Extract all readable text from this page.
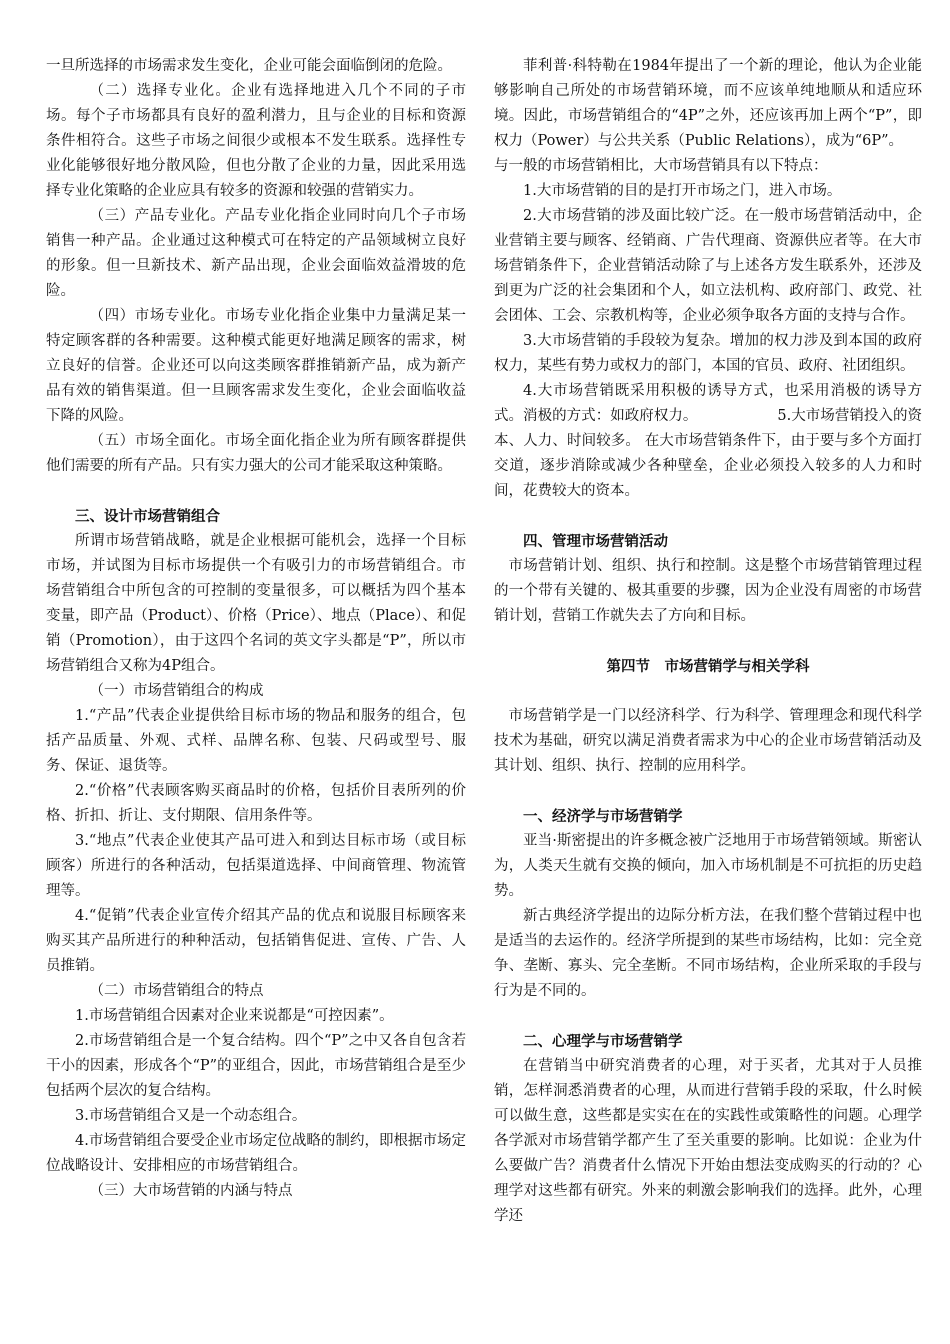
一旦所选择的市场需求发生变化，企业可能会面临倒闭的危险。

（二）选择专业化。企业有选择地进入几个不同的子市场。每个子市场都具有良好的盈利潜力，且与企业的目标和资源条件相符合。这些子市场之间很少或根本不发生联系。选择性专业化能够很好地分散风险，但也分散了企业的力量，因此采用选择专业化策略的企业应具有较多的资源和较强的营销实力。

（三）产品专业化。产品专业化指企业同时向几个子市场销售一种产品。企业通过这种模式可在特定的产品领域树立良好的形象。但一旦新技术、新产品出现，企业会面临效益滑坡的危险。

（四）市场专业化。市场专业化指企业集中力量满足某一特定顾客群的各种需要。这种模式能更好地满足顾客的需求，树立良好的信誉。企业还可以向这类顾客群推销新产品，成为新产品有效的销售渠道。但一旦顾客需求发生变化，企业会面临收益下降的风险。

（五）市场全面化。市场全面化指企业为所有顾客群提供他们需要的所有产品。只有实力强大的公司才能采取这种策略。

三、设计市场营销组合

所谓市场营销战略，就是企业根据可能机会，选择一个目标市场，并试图为目标市场提供一个有吸引力的市场营销组合。市场营销组合中所包含的可控制的变量很多，可以概括为四个基本变量，即产品（Product）、价格（Price）、地点（Place）、和促销（Promotion），由于这四个名词的英文字头都是“P”，所以市场营销组合又称为4P组合。

（一）市场营销组合的构成

1.“产品”代表企业提供给目标市场的物品和服务的组合，包括产品质量、外观、式样、品牌名称、包装、尺码或型号、服务、保证、退货等。

2.“价格”代表顾客购买商品时的价格，包括价目表所列的价格、折扣、折让、支付期限、信用条件等。

3.“地点”代表企业使其产品可进入和到达目标市场（或目标顾客）所进行的各种活动，包括渠道选择、中间商管理、物流管理等。

4.“促销”代表企业宣传介绍其产品的优点和说服目标顾客来购买其产品所进行的种种活动，包括销售促进、宣传、广告、人员推销。

（二）市场营销组合的特点

1.市场营销组合因素对企业来说都是“可控因素”。

2.市场营销组合是一个复合结构。四个“P”之中又各自包含若干小的因素，形成各个“P”的亚组合，因此，市场营销组合是至少包括两个层次的复合结构。

3.市场营销组合又是一个动态组合。

4.市场营销组合要受企业市场定位战略的制约，即根据市场定位战略设计、安排相应的市场营销组合。

（三）大市场营销的内涵与特点

菲利普·科特勒在1984年提出了一个新的理论，他认为企业能够影响自己所处的市场营销环境，而不应该单纯地顺从和适应环境。因此，市场营销组合的“4P”之外，还应该再加上两个“P”，即权力（Power）与公共关系（Public Relations），成为“6P”。

与一般的市场营销相比，大市场营销具有以下特点：

1.大市场营销的目的是打开市场之门，进入市场。

2.大市场营销的涉及面比较广泛。在一般市场营销活动中，企业营销主要与顾客、经销商、广告代理商、资源供应者等。在大市场营销条件下，企业营销活动除了与上述各方发生联系外，还涉及到更为广泛的社会集团和个人，如立法机构、政府部门、政党、社会团体、工会、宗教机构等，企业必须争取各方面的支持与合作。

3.大市场营销的手段较为复杂。增加的权力涉及到本国的政府权力，某些有势力或权力的部门，本国的官员、政府、社团组织。

4.大市场营销既采用积极的诱导方式，也采用消极的诱导方式。消极的方式：如政府权力。　　　　　　5.大市场营销投入的资本、人力、时间较多。 在大市场营销条件下，由于要与多个方面打交道，逐步消除或减少各种壁垒，企业必须投入较多的人力和时间，花费较大的资本。

四、管理市场营销活动

市场营销计划、组织、执行和控制。这是整个市场营销管理过程的一个带有关键的、极其重要的步骤，因为企业没有周密的市场营销计划，营销工作就失去了方向和目标。

第四节　市场营销学与相关学科

市场营销学是一门以经济科学、行为科学、管理理念和现代科学技术为基础，研究以满足消费者需求为中心的企业市场营销活动及其计划、组织、执行、控制的应用科学。

一、经济学与市场营销学

亚当·斯密提出的许多概念被广泛地用于市场营销领域。斯密认为，人类天生就有交换的倾向，加入市场机制是不可抗拒的历史趋势。

新古典经济学提出的边际分析方法，在我们整个营销过程中也是适当的去运作的。经济学所提到的某些市场结构，比如：完全竞争、垄断、寡头、完全垄断。不同市场结构，企业所采取的手段与行为是不同的。

二、心理学与市场营销学

在营销当中研究消费者的心理，对于买者，尤其对于人员推销，怎样洞悉消费者的心理，从而进行营销手段的采取，什么时候可以做生意，这些都是实实在在的实践性或策略性的问题。心理学各学派对市场营销学都产生了至关重要的影响。比如说：企业为什么要做广告？消费者什么情况下开始由想法变成购买的行动的？心理学对这些都有研究。外来的刺激会影响我们的选择。此外，心理学还
